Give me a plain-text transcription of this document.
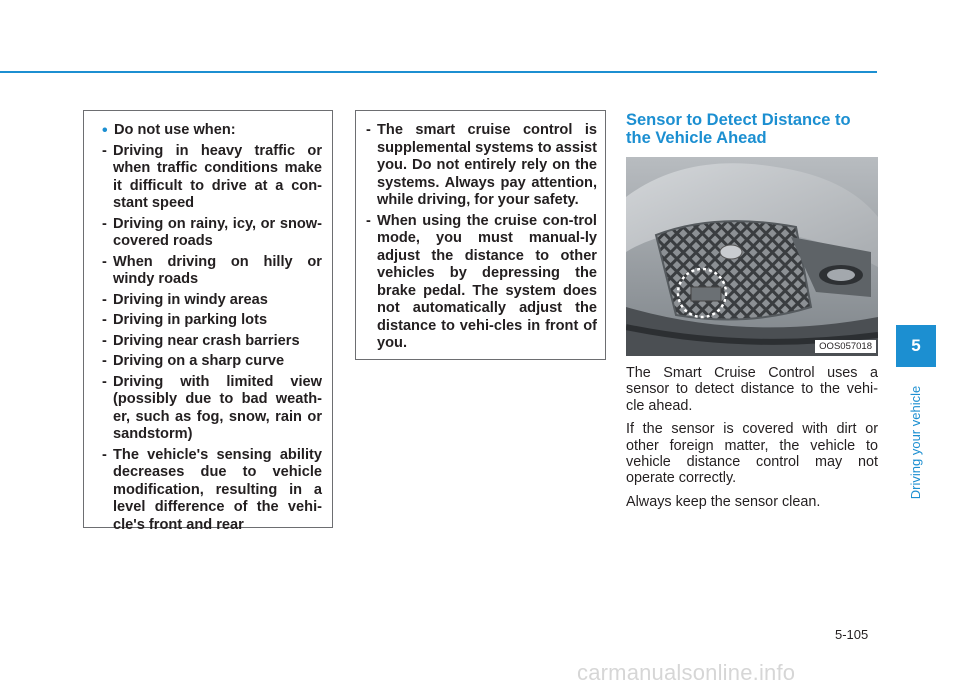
• Do not use when:
- Driving in heavy traffic or when traffic conditions make it difficult to drive at a con-stant speed
- Driving on rainy, icy, or snow-covered roads
- When driving on hilly or windy roads
- Driving in windy areas
- Driving in parking lots
- Driving near crash barriers
- Driving on a sharp curve
- Driving with limited view (possibly due to bad weath-er, such as fog, snow, rain or sandstorm)
- The vehicle's sensing ability decreases due to vehicle modification, resulting in a level difference of the vehi-cle's front and rear
- The smart cruise control is supplemental systems to assist you. Do not entirely rely on the systems. Always pay attention, while driving, for your safety.
- When using the cruise con-trol mode, you must manual-ly adjust the distance to other vehicles by depressing the brake pedal. The system does not automatically adjust the distance to vehi-cles in front of you.
Sensor to Detect Distance to the Vehicle Ahead
OOS057018

The Smart Cruise Control uses a sensor to detect distance to the vehi-cle ahead.

If the sensor is covered with dirt or other foreign matter, the vehicle to vehicle distance control may not operate correctly.

Always keep the sensor clean.

5
Driving your vehicle
5-105
carmanualsonline.info
